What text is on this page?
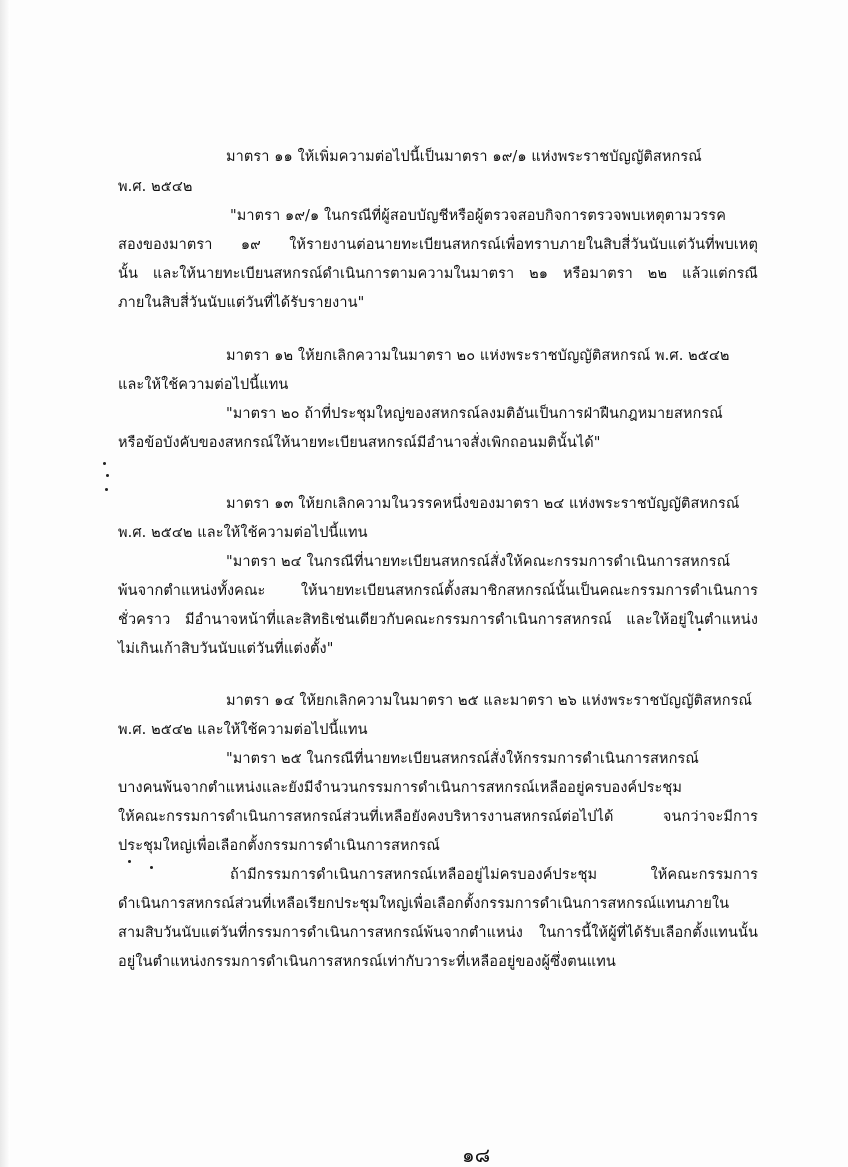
มาตรา ๑๑ ให้เพิ่มความต่อไปนี้เป็นมาตรา ๑๙/๑ แห่งพระราชบัญญัติสหกรณ์
พ.ศ. ๒๕๔๒
"มาตรา ๑๙/๑ ในกรณีที่ผู้สอบบัญชีหรือผู้ตรวจสอบกิจการตรวจพบเหตุตามวรรค
สองของมาตรา ๑๙ ให้รายงานต่อนายทะเบียนสหกรณ์เพื่อทราบภายในสิบสี่วันนับแต่วันที่พบเหตุ
นั้น และให้นายทะเบียนสหกรณ์ดำเนินการตามความในมาตรา ๒๑ หรือมาตรา ๒๒ แล้วแต่กรณี
ภายในสิบสี่วันนับแต่วันที่ได้รับรายงาน"
มาตรา ๑๒ ให้ยกเลิกความในมาตรา ๒๐ แห่งพระราชบัญญัติสหกรณ์ พ.ศ. ๒๕๔๒
และให้ใช้ความต่อไปนี้แทน
"มาตรา ๒๐ ถ้าที่ประชุมใหญ่ของสหกรณ์ลงมติอันเป็นการฝ่าฝืนกฎหมายสหกรณ์
หรือข้อบังคับของสหกรณ์ให้นายทะเบียนสหกรณ์มีอำนาจสั่งเพิกถอนมตินั้นได้"
มาตรา ๑๓ ให้ยกเลิกความในวรรคหนึ่งของมาตรา ๒๔ แห่งพระราชบัญญัติสหกรณ์
พ.ศ. ๒๕๔๒ และให้ใช้ความต่อไปนี้แทน
"มาตรา ๒๔ ในกรณีที่นายทะเบียนสหกรณ์สั่งให้คณะกรรมการดำเนินการสหกรณ์
พ้นจากตำแหน่งทั้งคณะ ให้นายทะเบียนสหกรณ์ตั้งสมาชิกสหกรณ์นั้นเป็นคณะกรรมการดำเนินการ
ชั่วคราว มีอำนาจหน้าที่และสิทธิเช่นเดียวกับคณะกรรมการดำเนินการสหกรณ์ และให้อยู่ในตำแหน่ง
ไม่เกินเก้าสิบวันนับแต่วันที่แต่งตั้ง"
มาตรา ๑๔ ให้ยกเลิกความในมาตรา ๒๕ และมาตรา ๒๖ แห่งพระราชบัญญัติสหกรณ์
พ.ศ. ๒๕๔๒ และให้ใช้ความต่อไปนี้แทน
"มาตรา ๒๕ ในกรณีที่นายทะเบียนสหกรณ์สั่งให้กรรมการดำเนินการสหกรณ์
บางคนพ้นจากตำแหน่งและยังมีจำนวนกรรมการดำเนินการสหกรณ์เหลืออยู่ครบองค์ประชุม
ให้คณะกรรมการดำเนินการสหกรณ์ส่วนที่เหลือยังคงบริหารงานสหกรณ์ต่อไปได้ จนกว่าจะมีการ
ประชุมใหญ่เพื่อเลือกตั้งกรรมการดำเนินการสหกรณ์
ถ้ามีกรรมการดำเนินการสหกรณ์เหลืออยู่ไม่ครบองค์ประชุม ให้คณะกรรมการ
ดำเนินการสหกรณ์ส่วนที่เหลือเรียกประชุมใหญ่เพื่อเลือกตั้งกรรมการดำเนินการสหกรณ์แทนภายใน
สามสิบวันนับแต่วันที่กรรมการดำเนินการสหกรณ์พ้นจากตำแหน่ง ในการนี้ให้ผู้ที่ได้รับเลือกตั้งแทนนั้น
อยู่ในตำแหน่งกรรมการดำเนินการสหกรณ์เท่ากับวาระที่เหลืออยู่ของผู้ซึ่งตนแทน
๑๘
